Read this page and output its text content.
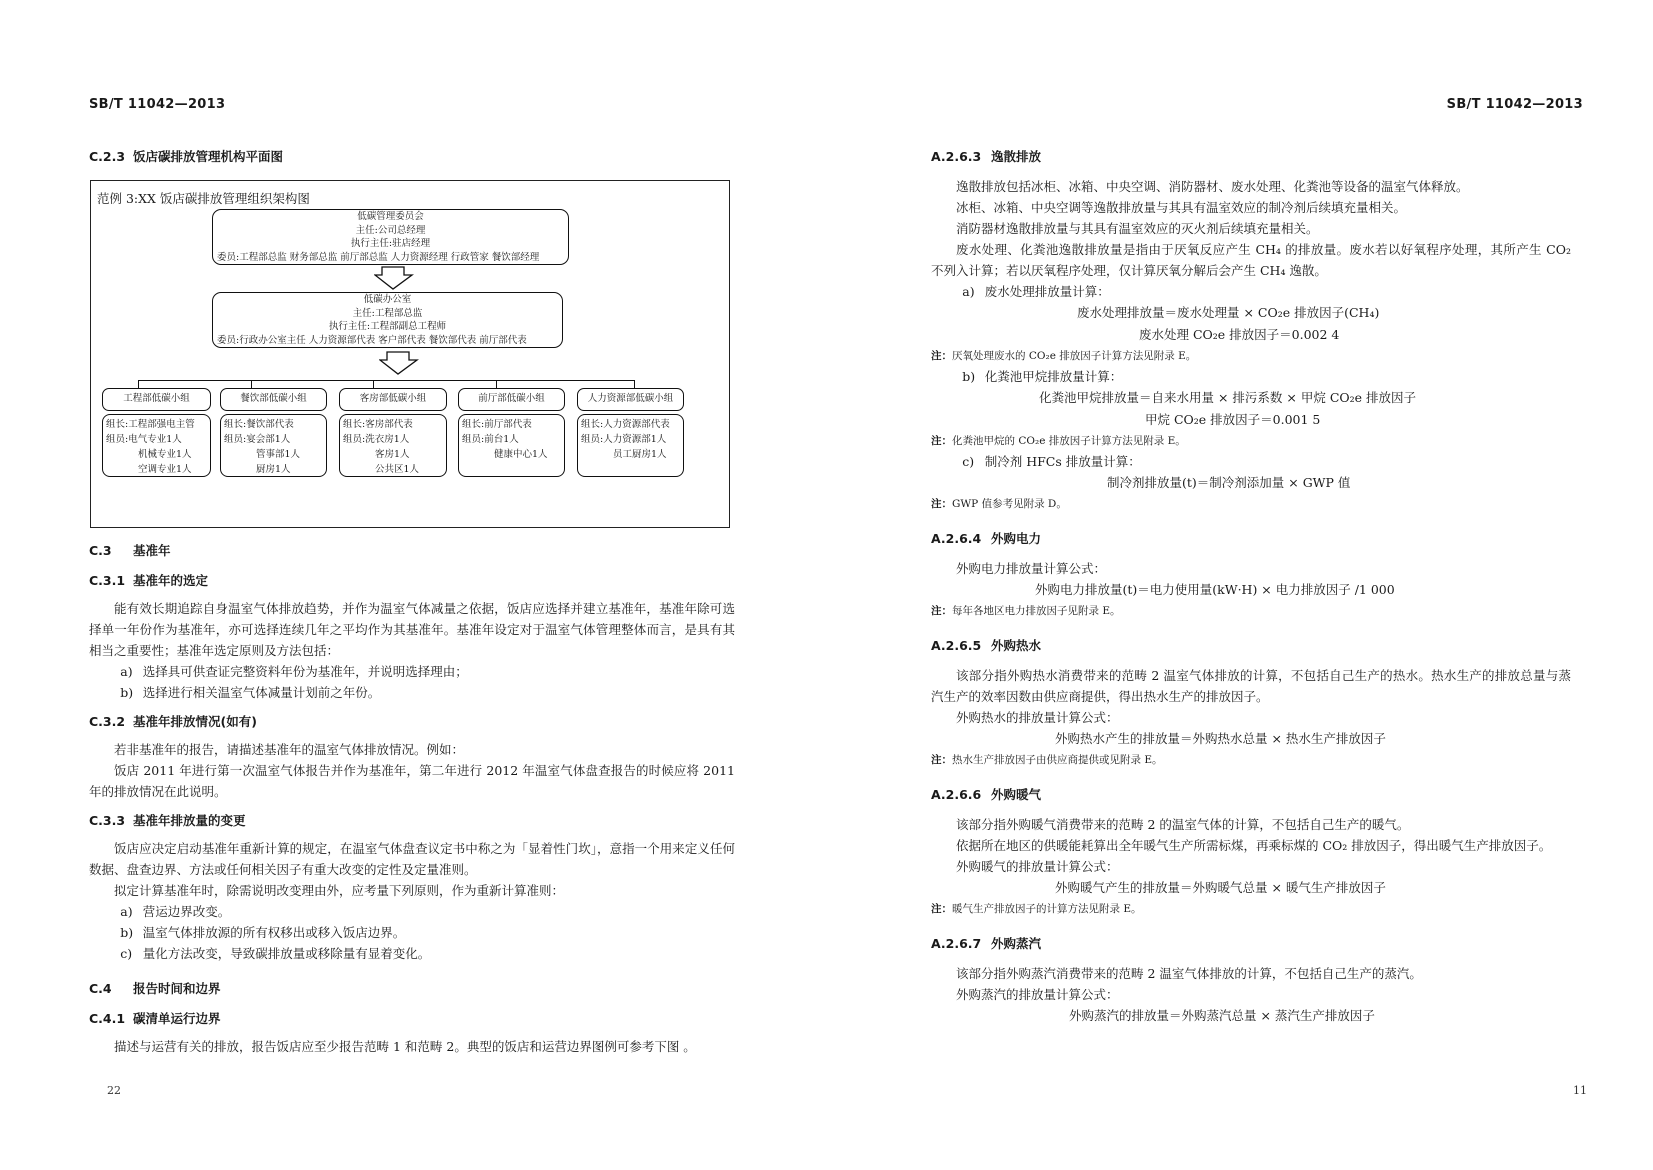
SB/T 11042—2013

C.2.3 饭店碳排放管理机构平面图

范例 3:XX 饭店碳排放管理组织架构图
低碳管理委员会
主任:公司总经理
执行主任:驻店经理
委员:工程部总监 财务部总监 前厅部总监 人力资源经理 行政管家 餐饮部经理
低碳办公室
主任:工程部总监
执行主任:工程部副总工程师
委员:行政办公室主任 人力资源部代表 客户部代表 餐饮部代表 前厅部代表
工程部低碳小组	餐饮部低碳小组	客房部低碳小组	前厅部低碳小组	人力资源部低碳小组
组长:工程部强电主管
组员:电气专业1人
机械专业1人
空调专业1人
组长:餐饮部代表
组员:宴会部1人
管事部1人
厨房1人
组长:客房部代表
组员:洗衣房1人
客房1人
公共区1人
组长:前厅部代表
组员:前台1人
健康中心1人
组长:人力资源部代表
组员:人力资源部1人
员工厨房1人

C.3 基准年

C.3.1 基准年的选定

能有效长期追踪自身温室气体排放趋势，并作为温室气体减量之依据，饭店应选择并建立基准年，基准年除可选择单一年份作为基准年，亦可选择连续几年之平均作为其基准年。基准年设定对于温室气体管理整体而言，是具有其相当之重要性；基准年选定原则及方法包括：

a) 选择具可供查证完整资料年份为基准年，并说明选择理由；

b) 选择进行相关温室气体减量计划前之年份。

C.3.2 基准年排放情况(如有)

若非基准年的报告，请描述基准年的温室气体排放情况。例如：

饭店 2011 年进行第一次温室气体报告并作为基准年，第二年进行 2012 年温室气体盘查报告的时候应将 2011 年的排放情况在此说明。

C.3.3 基准年排放量的变更

饭店应决定启动基准年重新计算的规定，在温室气体盘查议定书中称之为「显着性门坎」，意指一个用来定义任何数据、盘查边界、方法或任何相关因子有重大改变的定性及定量准则。

拟定计算基准年时，除需说明改变理由外，应考量下列原则，作为重新计算准则：

a) 营运边界改变。

b) 温室气体排放源的所有权移出或移入饭店边界。

c) 量化方法改变，导致碳排放量或移除量有显着变化。

C.4 报告时间和边界

C.4.1 碳清单运行边界

描述与运营有关的排放，报告饭店应至少报告范畴 1 和范畴 2。典型的饭店和运营边界图例可参考下图 。

22
SB/T 11042—2013

A.2.6.3 逸散排放

逸散排放包括冰柜、冰箱、中央空调、消防器材、废水处理、化粪池等设备的温室气体释放。

冰柜、冰箱、中央空调等逸散排放量与其具有温室效应的制冷剂后续填充量相关。

消防器材逸散排放量与其具有温室效应的灭火剂后续填充量相关。

废水处理、化粪池逸散排放量是指由于厌氧反应产生 CH₄ 的排放量。废水若以好氧程序处理，其所产生 CO₂ 不列入计算；若以厌氧程序处理，仅计算厌氧分解后会产生 CH₄ 逸散。

a) 废水处理排放量计算：

废水处理排放量＝废水处理量 × CO₂e 排放因子(CH₄)

废水处理 CO₂e 排放因子＝0.002 4

注：厌氧处理废水的 CO₂e 排放因子计算方法见附录 E。

b) 化粪池甲烷排放量计算：

化粪池甲烷排放量＝自来水用量 × 排污系数 × 甲烷 CO₂e 排放因子

甲烷 CO₂e 排放因子＝0.001 5

注：化粪池甲烷的 CO₂e 排放因子计算方法见附录 E。

c) 制冷剂 HFCs 排放量计算：

制冷剂排放量(t)＝制冷剂添加量 × GWP 值

注：GWP 值参考见附录 D。

A.2.6.4 外购电力

外购电力排放量计算公式：

外购电力排放量(t)＝电力使用量(kW·H) × 电力排放因子 /1 000

注：每年各地区电力排放因子见附录 E。

A.2.6.5 外购热水

该部分指外购热水消费带来的范畴 2 温室气体排放的计算，不包括自己生产的热水。热水生产的排放总量与蒸汽生产的效率因数由供应商提供，得出热水生产的排放因子。

外购热水的排放量计算公式：

外购热水产生的排放量＝外购热水总量 × 热水生产排放因子

注：热水生产排放因子由供应商提供或见附录 E。

A.2.6.6 外购暖气

该部分指外购暖气消费带来的范畴 2 的温室气体的计算，不包括自己生产的暖气。

依据所在地区的供暖能耗算出全年暖气生产所需标煤，再乘标煤的 CO₂ 排放因子，得出暖气生产排放因子。

外购暖气的排放量计算公式：

外购暖气产生的排放量＝外购暖气总量 × 暖气生产排放因子

注：暖气生产排放因子的计算方法见附录 E。

A.2.6.7 外购蒸汽

该部分指外购蒸汽消费带来的范畴 2 温室气体排放的计算，不包括自己生产的蒸汽。

外购蒸汽的排放量计算公式：

外购蒸汽的排放量＝外购蒸汽总量 × 蒸汽生产排放因子

11
